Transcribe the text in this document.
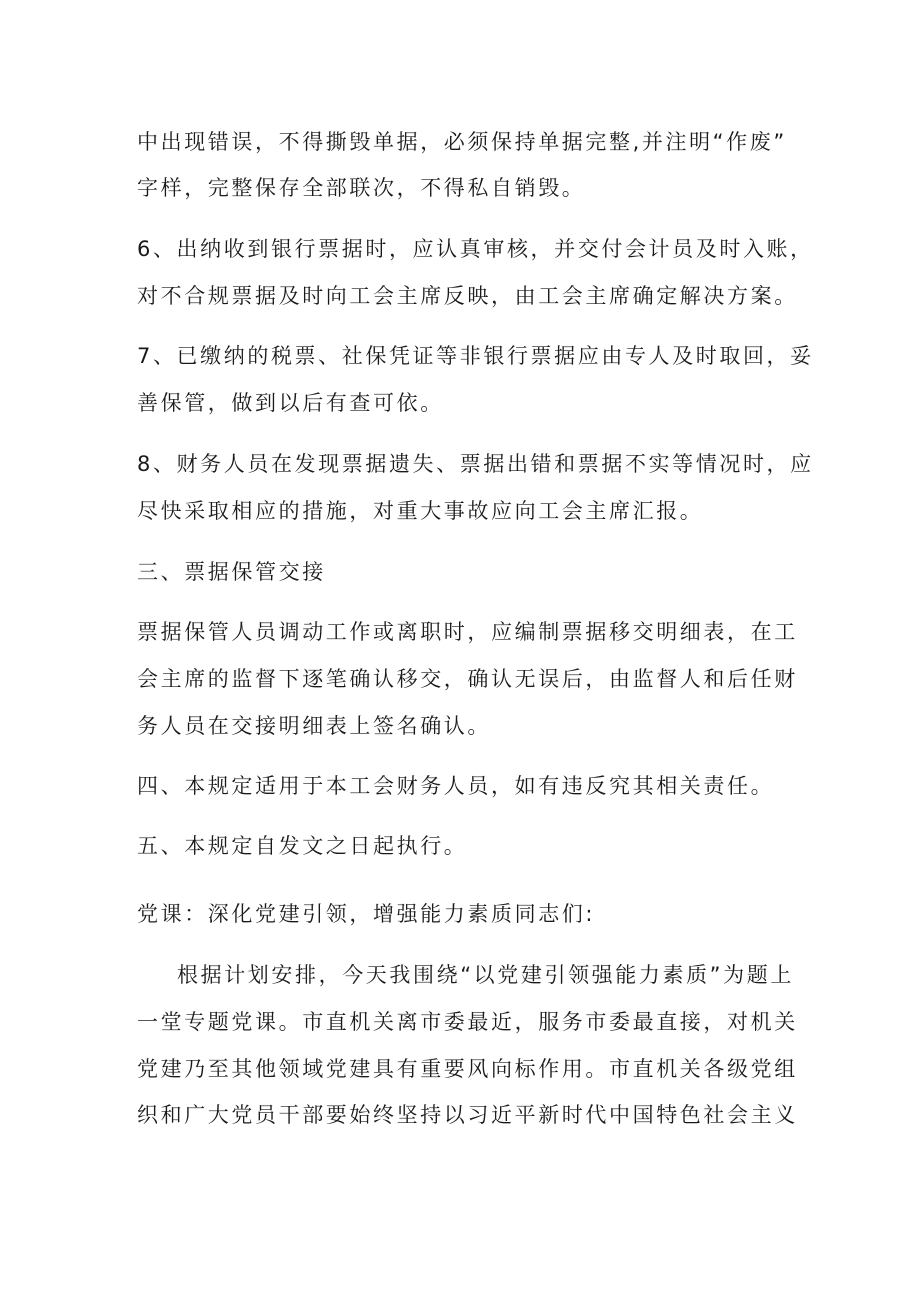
中出现错误，不得撕毁单据，必须保持单据完整,并注明“作废”
字样，完整保存全部联次，不得私自销毁。
6、出纳收到银行票据时，应认真审核，并交付会计员及时入账，
对不合规票据及时向工会主席反映，由工会主席确定解决方案。
7、已缴纳的税票、社保凭证等非银行票据应由专人及时取回，妥
善保管，做到以后有查可依。
8、财务人员在发现票据遗失、票据出错和票据不实等情况时，应
尽快采取相应的措施，对重大事故应向工会主席汇报。
三、票据保管交接
票据保管人员调动工作或离职时，应编制票据移交明细表，在工
会主席的监督下逐笔确认移交，确认无误后，由监督人和后任财
务人员在交接明细表上签名确认。
四、本规定适用于本工会财务人员，如有违反究其相关责任。
五、本规定自发文之日起执行。
党课：深化党建引领，增强能力素质同志们:
根据计划安排，今天我围绕“以党建引领强能力素质”为题上
一堂专题党课。市直机关离市委最近，服务市委最直接，对机关
党建乃至其他领域党建具有重要风向标作用。市直机关各级党组
织和广大党员干部要始终坚持以习近平新时代中国特色社会主义
